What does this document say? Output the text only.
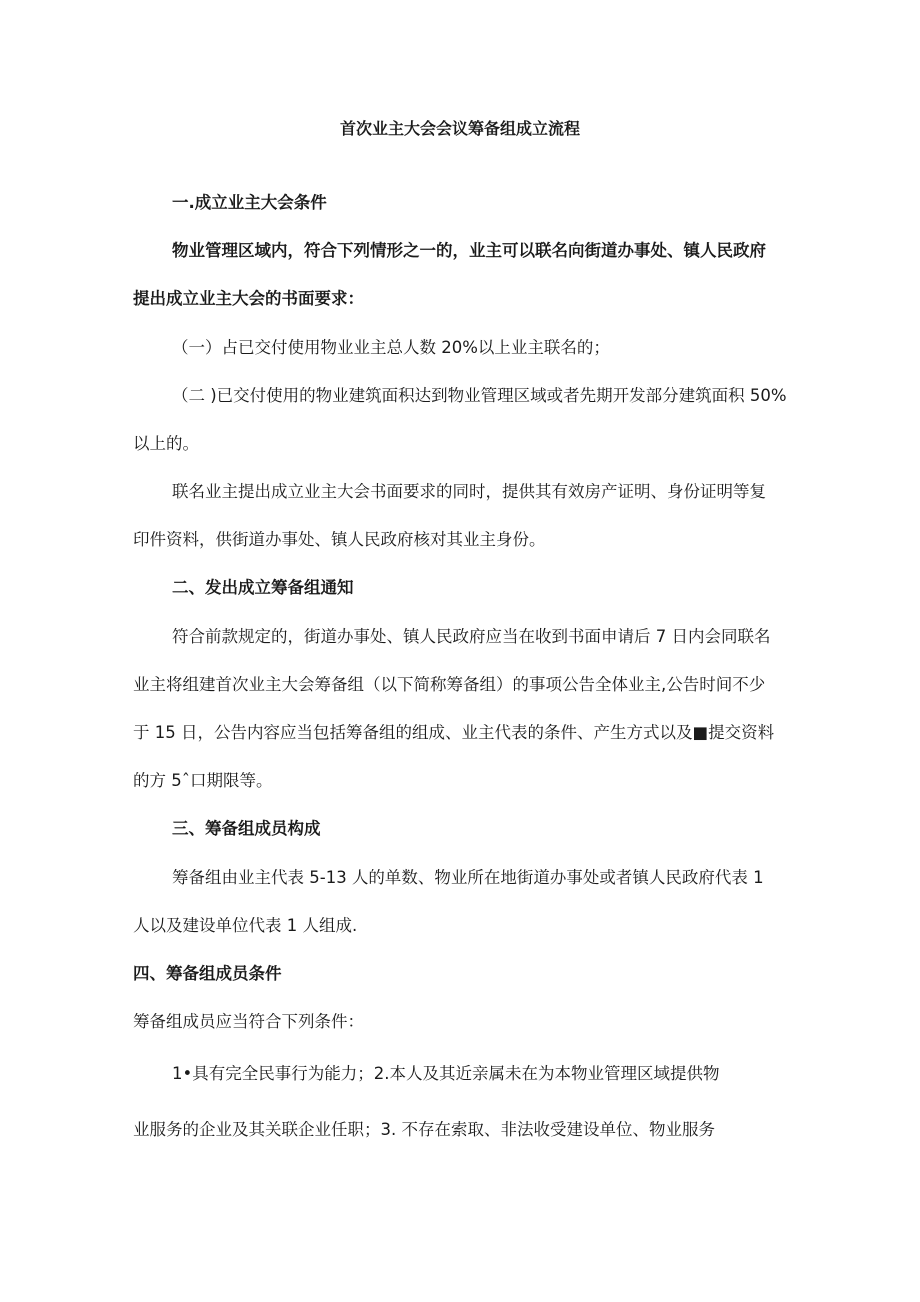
首次业主大会会议筹备组成立流程
一.成立业主大会条件
物业管理区域内，符合下列情形之一的，业主可以联名向街道办事处、镇人民政府
提出成立业主大会的书面要求：
（一）占已交付使用物业业主总人数 20%以上业主联名的；
（二 )已交付使用的物业建筑面积达到物业管理区域或者先期开发部分建筑面积 50%
以上的。
联名业主提出成立业主大会书面要求的同时，提供其有效房产证明、身份证明等复
印件资料，供街道办事处、镇人民政府核对其业主身份。
二、发出成立筹备组通知
符合前款规定的，街道办事处、镇人民政府应当在收到书面申请后 7 日内会同联名
业主将组建首次业主大会筹备组（以下简称筹备组）的事项公告全体业主,公告时间不少
于 15 日，公告内容应当包括筹备组的组成、业主代表的条件、产生方式以及■提交资料
的方 5ˆ口期限等。
三、筹备组成员构成
筹备组由业主代表 5-13 人的单数、物业所在地街道办事处或者镇人民政府代表 1
人以及建设单位代表 1 人组成.
四、筹备组成员条件
筹备组成员应当符合下列条件：
1•具有完全民事行为能力；2.本人及其近亲属未在为本物业管理区域提供物
业服务的企业及其关联企业任职；3. 不存在索取、非法收受建设单位、物业服务
